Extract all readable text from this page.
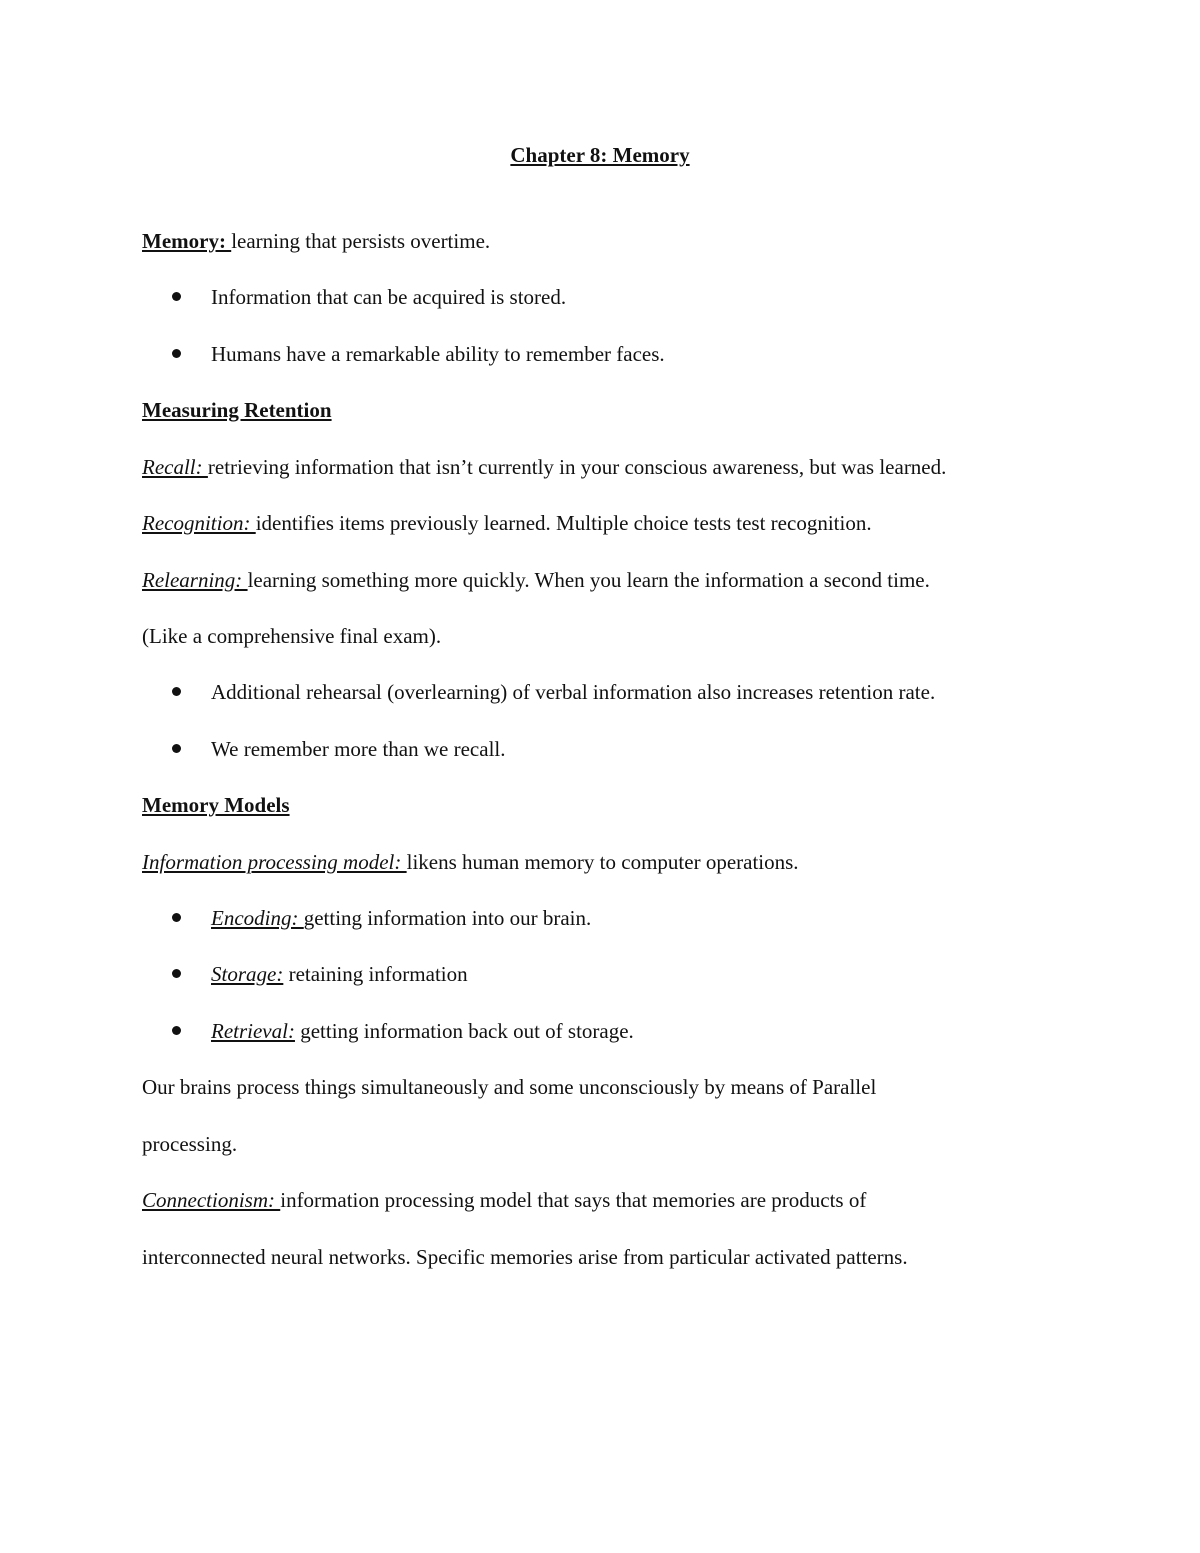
Chapter 8: Memory
Memory: learning that persists overtime.
Information that can be acquired is stored.
Humans have a remarkable ability to remember faces.
Measuring Retention
Recall: retrieving information that isn’t currently in your conscious awareness, but was learned.
Recognition: identifies items previously learned. Multiple choice tests test recognition.
Relearning: learning something more quickly. When you learn the information a second time.
(Like a comprehensive final exam).
Additional rehearsal (overlearning) of verbal information also increases retention rate.
We remember more than we recall.
Memory Models
Information processing model: likens human memory to computer operations.
Encoding: getting information into our brain.
Storage: retaining information
Retrieval: getting information back out of storage.
Our brains process things simultaneously and some unconsciously by means of Parallel
processing.
Connectionism: information processing model that says that memories are products of
interconnected neural networks. Specific memories arise from particular activated patterns.
